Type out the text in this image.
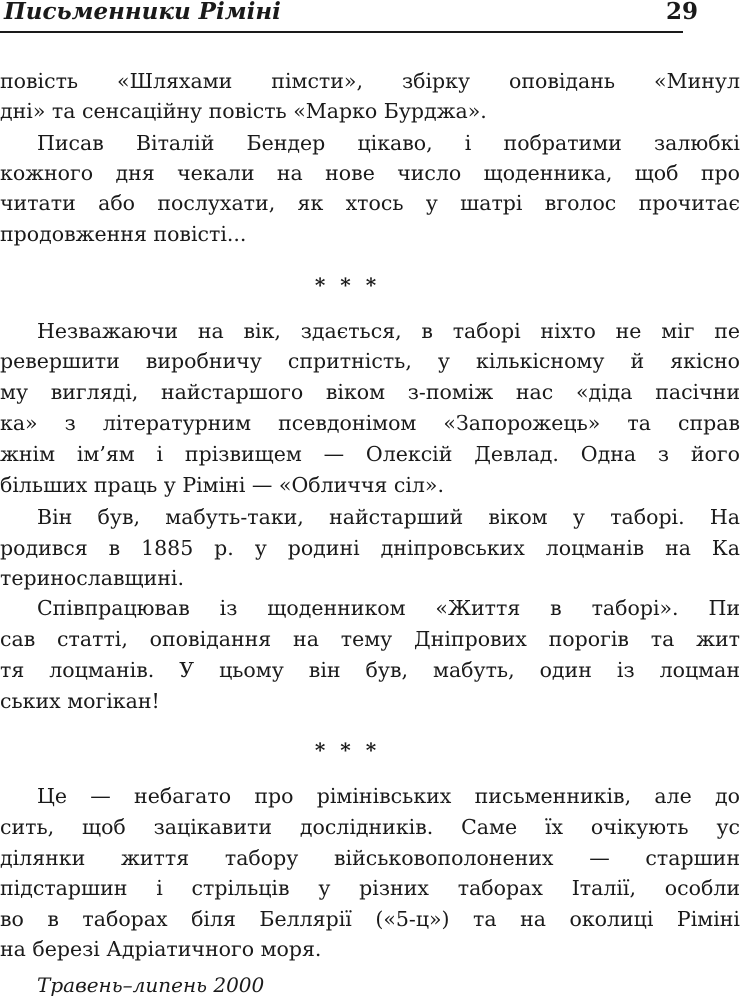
Письменники Ріміні	29
повість «Шляхами пімсти», збірку оповідань «Минул
дні» та сенсаційну повість «Марко Бурджа».
Писав Віталій Бендер цікаво, і побратими залюбкі
кожного дня чекали на нове число щоденника, щоб про
читати або послухати, як хтось у шатрі вголос прочитає
продовження повісті...
* * *
Незважаючи на вік, здається, в таборі ніхто не міг пе
ревершити виробничу спритність, у кількісному й якісно
му вигляді, найстаршого віком з-поміж нас «діда пасічни
ка» з літературним псевдонімом «Запорожець» та справ
жнім ім’ям і прізвищем — Олексій Девлад. Одна з його
більших праць у Ріміні — «Обличчя сіл».
Він був, мабуть-таки, найстарший віком у таборі. На
родився в 1885 р. у родині дніпровських лоцманів на Ка
теринославщині.
Співпрацював із щоденником «Життя в таборі». Пи
сав статті, оповідання на тему Дніпрових порогів та жит
тя лоцманів. У цьому він був, мабуть, один із лоцман
ських могікан!
* * *
Це — небагато про рімінівських письменників, але до
сить, щоб зацікавити дослідників. Саме їх очікують ус
ділянки життя табору військовополонених — старшин
підстаршин і стрільців у різних таборах Італії, особли
во в таборах біля Беллярії («5-ц») та на околиці Ріміні
на березі Адріатичного моря.
Травень–липень 2000
